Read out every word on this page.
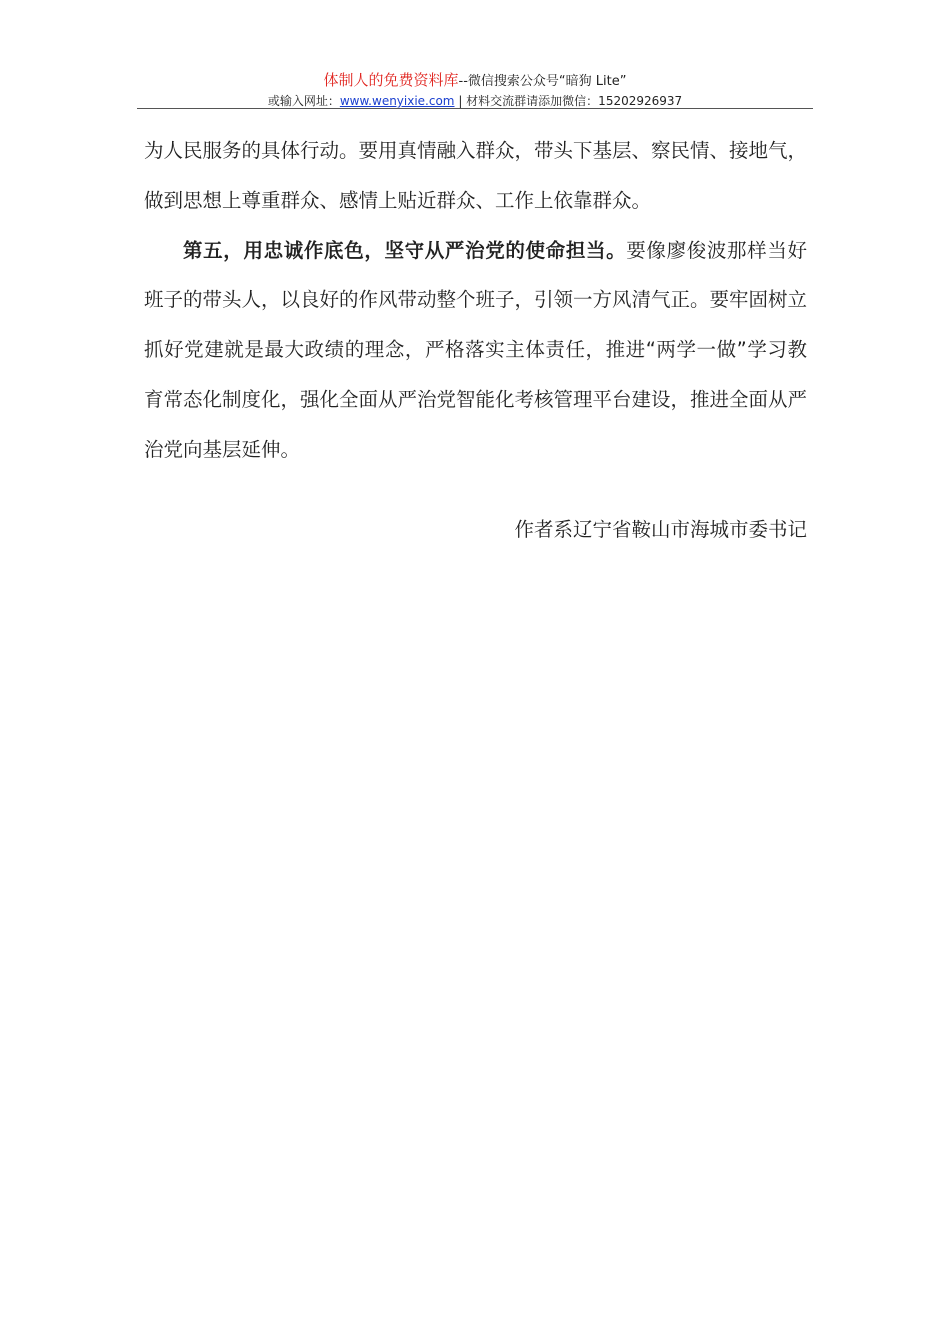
体制人的免费资料库--微信搜索公众号“暗狗 Lite”
或输入网址：www.wenyixie.com | 材料交流群请添加微信：15202926937

为人民服务的具体行动。要用真情融入群众，带头下基层、察民情、接地气，做到思想上尊重群众、感情上贴近群众、工作上依靠群众。

第五，用忠诚作底色，坚守从严治党的使命担当。要像廖俊波那样当好班子的带头人，以良好的作风带动整个班子，引领一方风清气正。要牢固树立抓好党建就是最大政绩的理念，严格落实主体责任，推进“两学一做”学习教育常态化制度化，强化全面从严治党智能化考核管理平台建设，推进全面从严治党向基层延伸。

作者系辽宁省鞍山市海城市委书记
